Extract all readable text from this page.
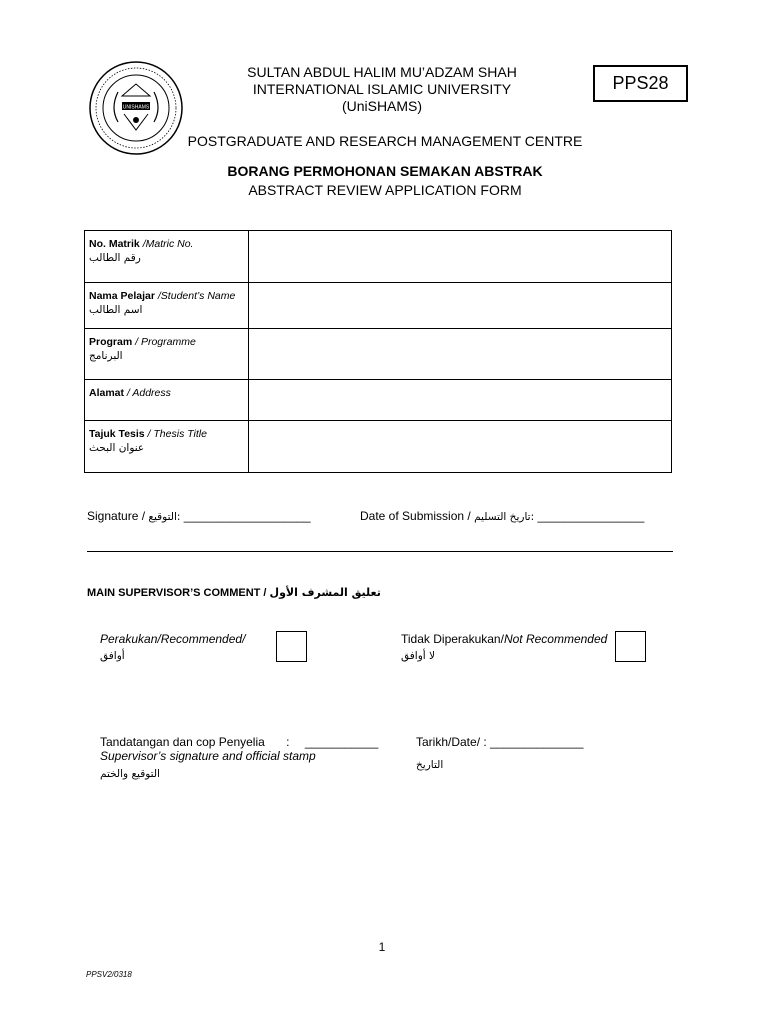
UNISHAMS
SULTAN ABDUL HALIM MU’ADZAM SHAH
INTERNATIONAL ISLAMIC UNIVERSITY
(UniSHAMS)
PPS28
POSTGRADUATE AND RESEARCH MANAGEMENT CENTRE
BORANG PERMOHONAN SEMAKAN ABSTRAK
ABSTRACT REVIEW APPLICATION FORM
No. Matrik /Matric No.
رقم الطالب	

Nama Pelajar /Student’s Name
اسم الطالب	

Program / Programme
البرنامج	

Alamat / Address	

Tajuk Tesis / Thesis Title
عنوان البحث	

Signature / التوقيع: ___________________	Date of Submission / تاريخ التسليم: ________________
MAIN SUPERVISOR’S COMMENT / تعليق المشرف الأول
Perakukan/Recommended/
أوافق
Tidak Diperakukan/Not Recommended
لا أوافق
Tandatangan dan cop Penyelia : ___________
Supervisor’s signature and official stamp
التوقيع والختم
Tarikh/Date/ : ______________
التاريخ
1
PPSV2/0318
